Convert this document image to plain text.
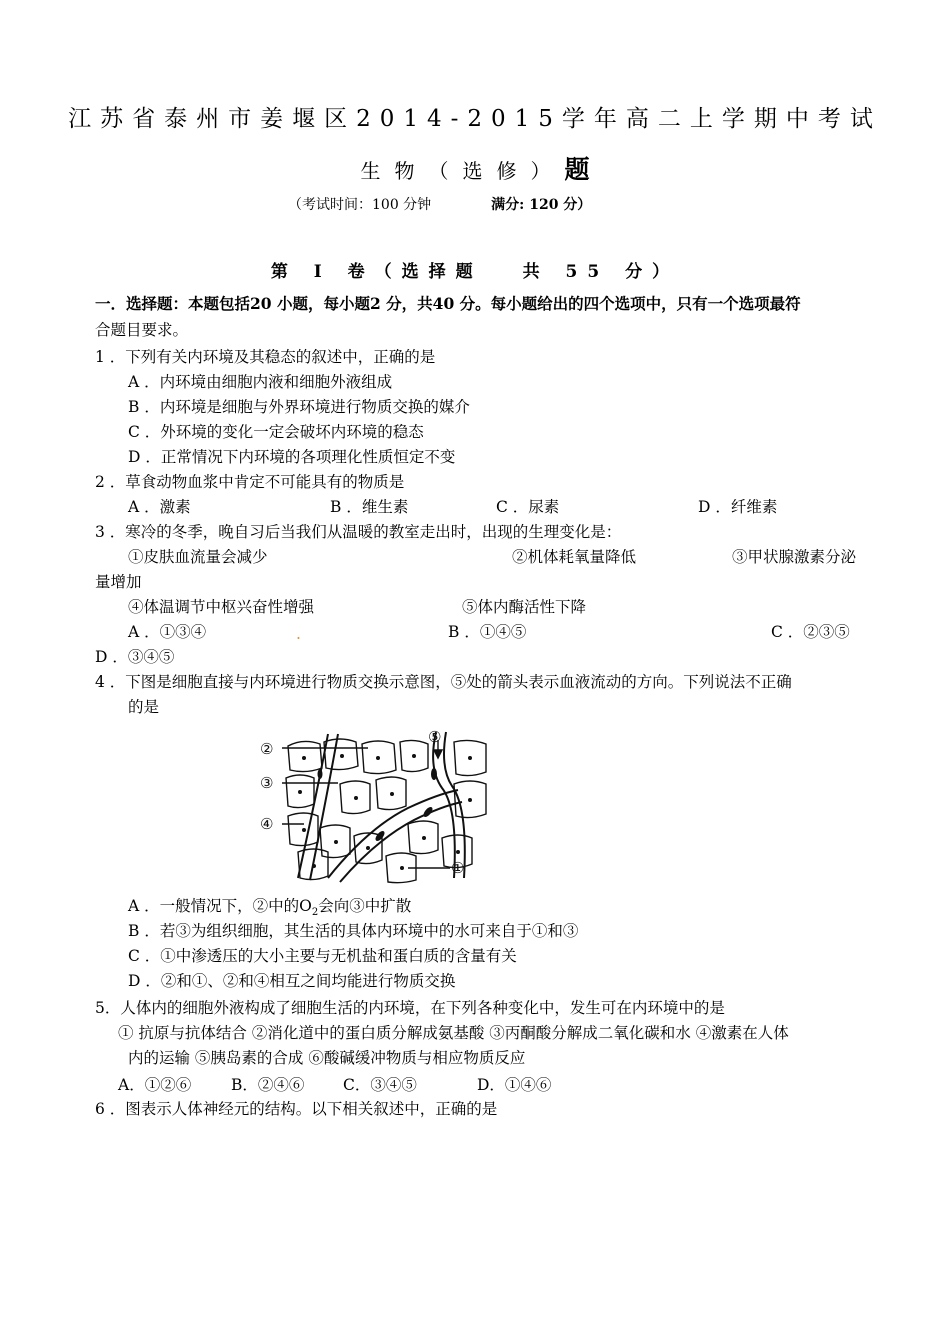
江苏省泰州市姜堰区2014-2015学年高二上学期中考试
生物（选修）题
（考试时间：100 分钟	满分: 120 分）
第 I 卷（选择题 共 55 分）
一．选择题：本题包括20 小题，每小题2 分，共40 分。每小题给出的四个选项中，只有一个选项最符
合题目要求。
1 ．下列有关内环境及其稳态的叙述中，正确的是
A ．内环境由细胞内液和细胞外液组成
B ．内环境是细胞与外界环境进行物质交换的媒介
C ．外环境的变化一定会破坏内环境的稳态
D ．正常情况下内环境的各项理化性质恒定不变
2 ．草食动物血浆中肯定不可能具有的物质是
A ．激素	B ．维生素	C ．尿素	D ．纤维素
3 ．寒冷的冬季，晚自习后当我们从温暖的教室走出时，出现的生理变化是：
①皮肤血流量会减少	②机体耗氧量降低	③甲状腺激素分泌
量增加
④体温调节中枢兴奋性增强	⑤体内酶活性下降
A ．①③④	.	B ．①④⑤	C ．②③⑤
D ．③④⑤
4 ．下图是细胞直接与内环境进行物质交换示意图，⑤处的箭头表示血液流动的方向。下列说法不正确
的是
②
③
④
⑤
①
A ．一般情况下，②中的$O_2$会向③中扩散
B ．若③为组织细胞，其生活的具体内环境中的水可来自于①和③
C ．①中渗透压的大小主要与无机盐和蛋白质的含量有关
D ．②和①、②和④相互之间均能进行物质交换
5．人体内的细胞外液构成了细胞生活的内环境，在下列各种变化中，发生可在内环境中的是
① 抗原与抗体结合 ②消化道中的蛋白质分解成氨基酸 ③丙酮酸分解成二氧化碳和水 ④激素在人体
内的运输 ⑤胰岛素的合成 ⑥酸碱缓冲物质与相应物质反应
A．①②⑥	B．②④⑥ C．③④⑤	D．①④⑥
6 ．图表示人体神经元的结构。以下相关叙述中，正确的是
